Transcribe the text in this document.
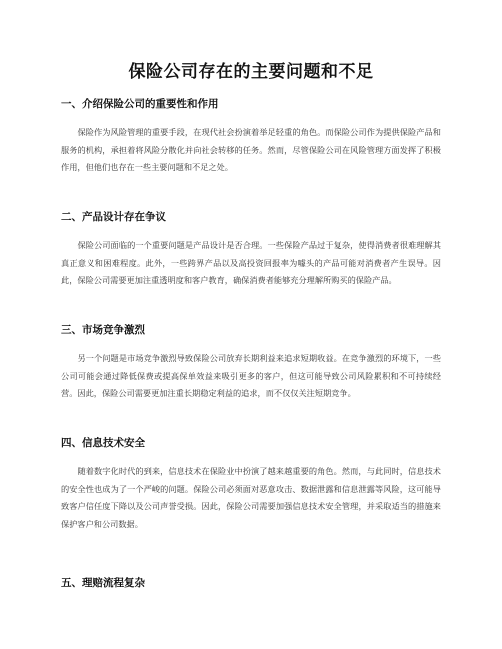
保险公司存在的主要问题和不足
一、介绍保险公司的重要性和作用
保险作为风险管理的重要手段，在现代社会扮演着举足轻重的角色。而保险公司作为提供保险产品和服务的机构，承担着将风险分散化并向社会转移的任务。然而，尽管保险公司在风险管理方面发挥了积极作用，但他们也存在一些主要问题和不足之处。
二、产品设计存在争议
保险公司面临的一个重要问题是产品设计是否合理。一些保险产品过于复杂，使得消费者很难理解其真正意义和困难程度。此外，一些跨界产品以及高投资回报率为噱头的产品可能对消费者产生误导。因此，保险公司需要更加注重透明度和客户教育，确保消费者能够充分理解所购买的保险产品。
三、市场竞争激烈
另一个问题是市场竞争激烈导致保险公司放弃长期利益来追求短期收益。在竞争激烈的环境下，一些公司可能会通过降低保费或提高保单效益来吸引更多的客户，但这可能导致公司风险累积和不可持续经营。因此，保险公司需要更加注重长期稳定利益的追求，而不仅仅关注短期竞争。
四、信息技术安全
随着数字化时代的到来，信息技术在保险业中扮演了越来越重要的角色。然而，与此同时，信息技术的安全性也成为了一个严峻的问题。保险公司必须面对恶意攻击、数据泄露和信息泄露等风险，这可能导致客户信任度下降以及公司声誉受损。因此，保险公司需要加强信息技术安全管理，并采取适当的措施来保护客户和公司数据。
五、理赔流程复杂
